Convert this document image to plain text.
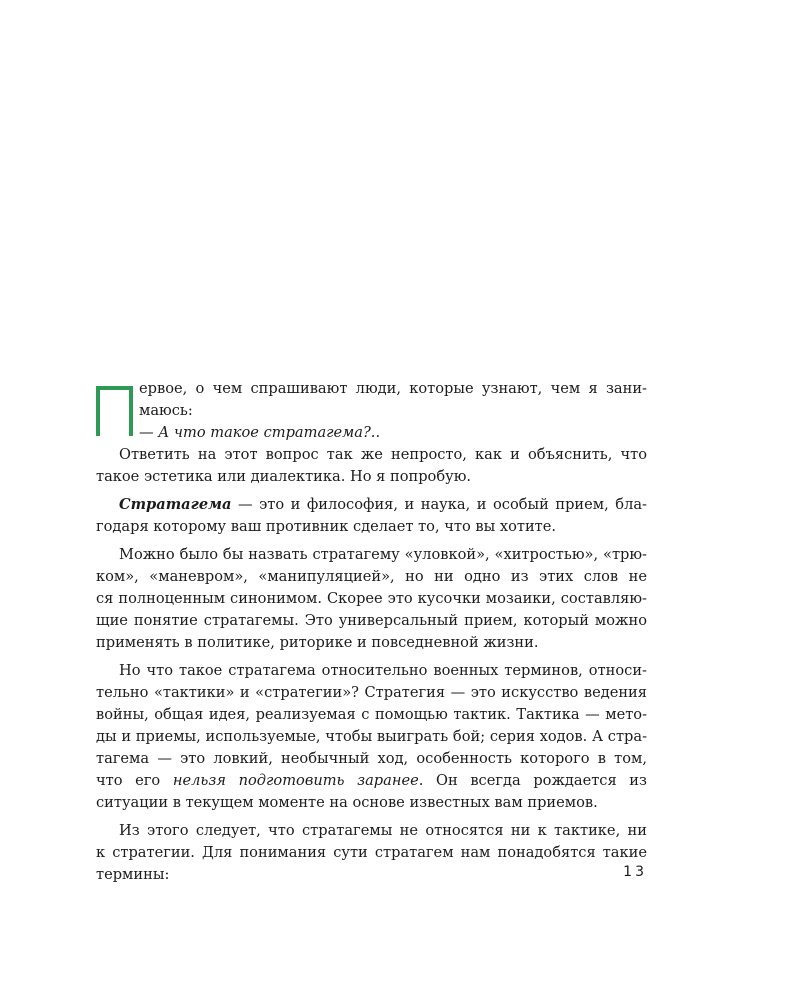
ервое, о чем спрашивают люди, которые узнают, чем я зани-
маюсь:
— А что такое стратагема?..
Ответить на этот вопрос так же непросто, как и объяснить, что
такое эстетика или диалектика. Но я попробую.
Стратагема — это и философия, и наука, и особый прием, бла-
годаря которому ваш противник сделает то, что вы хотите.
Можно было бы назвать стратагему «уловкой», «хитростью», «трю-
ком», «маневром», «манипуляцией», но ни одно из этих слов не
ся полноценным синонимом. Скорее это кусочки мозаики, составляю-
щие понятие стратагемы. Это универсальный прием, который можно
применять в политике, риторике и повседневной жизни.
Но что такое стратагема относительно военных терминов, относи-
тельно «тактики» и «стратегии»? Стратегия — это искусство ведения
войны, общая идея, реализуемая с помощью тактик. Тактика — мето-
ды и приемы, используемые, чтобы выиграть бой; серия ходов. А стра-
тагема — это ловкий, необычный ход, особенность которого в том,
что его нельзя подготовить заранее. Он всегда рождается из
ситуации в текущем моменте на основе известных вам приемов.
Из этого следует, что стратагемы не относятся ни к тактике, ни
к стратегии. Для понимания сути стратагем нам понадобятся такие
термины:	13
